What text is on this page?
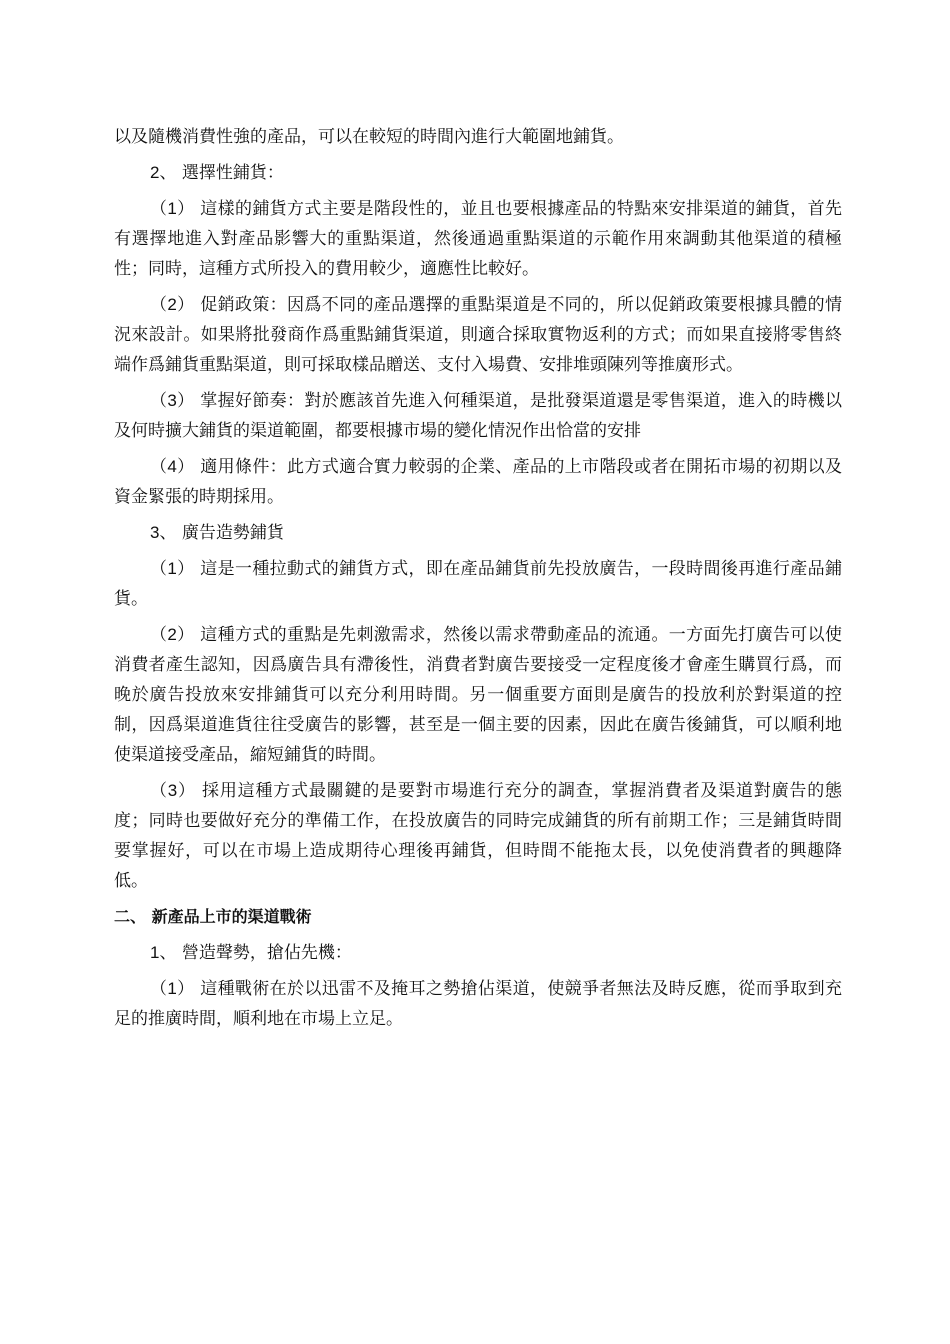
以及隨機消費性強的產品，可以在較短的時間內進行大範圍地鋪貨。

2、 選擇性鋪貨：

（1） 這樣的鋪貨方式主要是階段性的，並且也要根據產品的特點來安排渠道的鋪貨，首先有選擇地進入對產品影響大的重點渠道，然後通過重點渠道的示範作用來調動其他渠道的積極性；同時，這種方式所投入的費用較少，適應性比較好。

（2） 促銷政策：因爲不同的產品選擇的重點渠道是不同的，所以促銷政策要根據具體的情況來設計。如果將批發商作爲重點鋪貨渠道，則適合採取實物返利的方式；而如果直接將零售終端作爲鋪貨重點渠道，則可採取樣品贈送、支付入場費、安排堆頭陳列等推廣形式。

（3） 掌握好節奏：對於應該首先進入何種渠道，是批發渠道還是零售渠道，進入的時機以及何時擴大鋪貨的渠道範圍，都要根據市場的變化情況作出恰當的安排

（4） 適用條件：此方式適合實力較弱的企業、產品的上市階段或者在開拓市場的初期以及資金緊張的時期採用。

3、 廣告造勢鋪貨

（1） 這是一種拉動式的鋪貨方式，即在產品鋪貨前先投放廣告，一段時間後再進行產品鋪貨。

（2） 這種方式的重點是先刺激需求，然後以需求帶動產品的流通。一方面先打廣告可以使消費者產生認知，因爲廣告具有滯後性，消費者對廣告要接受一定程度後才會產生購買行爲，而晚於廣告投放來安排鋪貨可以充分利用時間。另一個重要方面則是廣告的投放利於對渠道的控制，因爲渠道進貨往往受廣告的影響，甚至是一個主要的因素，因此在廣告後鋪貨，可以順利地使渠道接受產品，縮短鋪貨的時間。

（3） 採用這種方式最關鍵的是要對市場進行充分的調查，掌握消費者及渠道對廣告的態度；同時也要做好充分的準備工作，在投放廣告的同時完成鋪貨的所有前期工作；三是鋪貨時間要掌握好，可以在市場上造成期待心理後再鋪貨，但時間不能拖太長，以免使消費者的興趣降低。

二、 新產品上市的渠道戰術

1、 營造聲勢，搶佔先機：

（1） 這種戰術在於以迅雷不及掩耳之勢搶佔渠道，使競爭者無法及時反應，從而爭取到充足的推廣時間，順利地在市場上立足。
